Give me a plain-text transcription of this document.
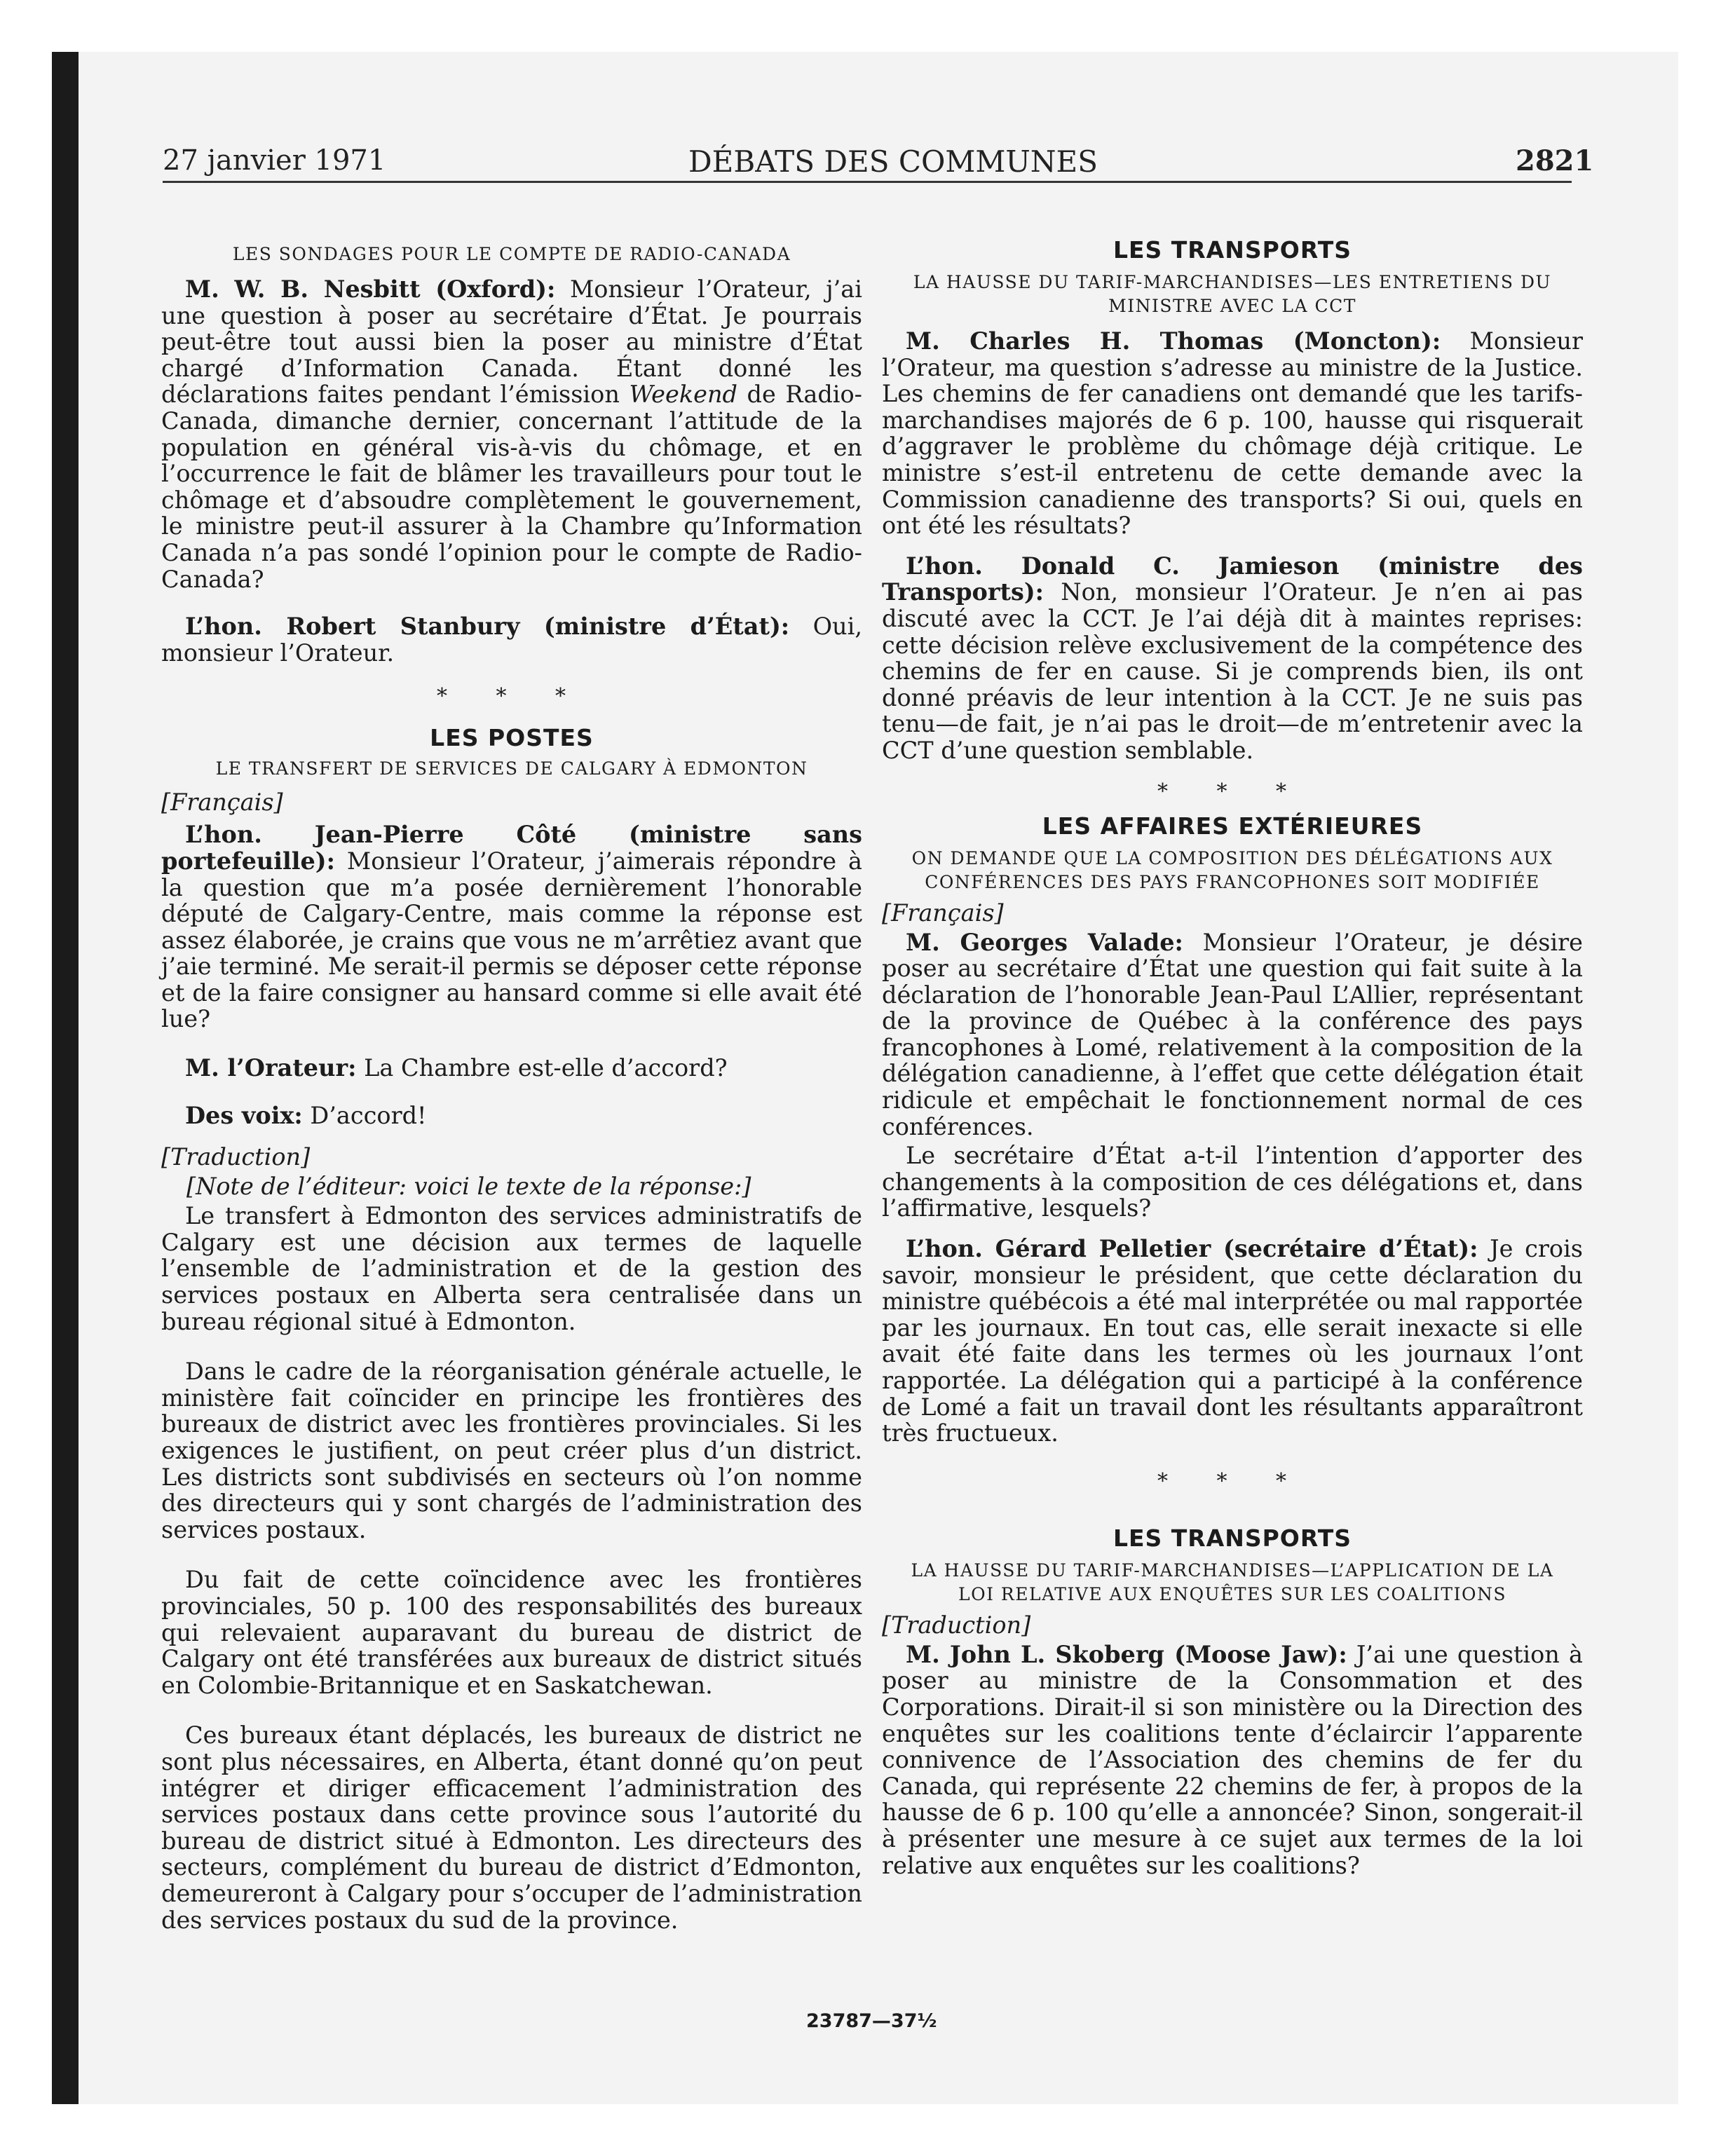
27 janvier 1971	DÉBATS DES COMMUNES	2821

LES SONDAGES POUR LE COMPTE DE RADIO-CANADA

M. W. B. Nesbitt (Oxford): Monsieur l’Orateur, j’ai une question à poser au secrétaire d’État. Je pourrais peut-être tout aussi bien la poser au ministre d’État chargé d’Information Canada. Étant donné les déclarations faites pendant l’émission Weekend de Radio-Canada, dimanche dernier, concernant l’attitude de la population en général vis-à-vis du chômage, et en l’occurrence le fait de blâmer les travailleurs pour tout le chômage et d’absoudre complètement le gouvernement, le ministre peut-il assurer à la Chambre qu’Information Canada n’a pas sondé l’opinion pour le compte de Radio-Canada?

L’hon. Robert Stanbury (ministre d’État): Oui, monsieur l’Orateur.

* * *

LES POSTES

LE TRANSFERT DE SERVICES DE CALGARY À EDMONTON

[Français]

L’hon. Jean-Pierre Côté (ministre sans portefeuille): Monsieur l’Orateur, j’aimerais répondre à la question que m’a posée dernièrement l’honorable député de Calgary-Centre, mais comme la réponse est assez élaborée, je crains que vous ne m’arrêtiez avant que j’aie terminé. Me serait-il permis se déposer cette réponse et de la faire consigner au hansard comme si elle avait été lue?

M. l’Orateur: La Chambre est-elle d’accord?

Des voix: D’accord!

[Traduction]

[Note de l’éditeur: voici le texte de la réponse:]

Le transfert à Edmonton des services administratifs de Calgary est une décision aux termes de laquelle l’ensemble de l’administration et de la gestion des services postaux en Alberta sera centralisée dans un bureau régional situé à Edmonton.

Dans le cadre de la réorganisation générale actuelle, le ministère fait coïncider en principe les frontières des bureaux de district avec les frontières provinciales. Si les exigences le justifient, on peut créer plus d’un district. Les districts sont subdivisés en secteurs où l’on nomme des directeurs qui y sont chargés de l’administration des services postaux.

Du fait de cette coïncidence avec les frontières provinciales, 50 p. 100 des responsabilités des bureaux qui relevaient auparavant du bureau de district de Calgary ont été transférées aux bureaux de district situés en Colombie-Britannique et en Saskatchewan.

Ces bureaux étant déplacés, les bureaux de district ne sont plus nécessaires, en Alberta, étant donné qu’on peut intégrer et diriger efficacement l’administration des services postaux dans cette province sous l’autorité du bureau de district situé à Edmonton. Les directeurs des secteurs, complément du bureau de district d’Edmonton, demeureront à Calgary pour s’occuper de l’administration des services postaux du sud de la province.

LES TRANSPORTS

LA HAUSSE DU TARIF-MARCHANDISES—LES ENTRETIENS DU MINISTRE AVEC LA CCT

M. Charles H. Thomas (Moncton): Monsieur l’Orateur, ma question s’adresse au ministre de la Justice. Les chemins de fer canadiens ont demandé que les tarifs-marchandises majorés de 6 p. 100, hausse qui risquerait d’aggraver le problème du chômage déjà critique. Le ministre s’est-il entretenu de cette demande avec la Commission canadienne des transports? Si oui, quels en ont été les résultats?

L’hon. Donald C. Jamieson (ministre des Transports): Non, monsieur l’Orateur. Je n’en ai pas discuté avec la CCT. Je l’ai déjà dit à maintes reprises: cette décision relève exclusivement de la compétence des chemins de fer en cause. Si je comprends bien, ils ont donné préavis de leur intention à la CCT. Je ne suis pas tenu—de fait, je n’ai pas le droit—de m’entretenir avec la CCT d’une question semblable.

* * *

LES AFFAIRES EXTÉRIEURES

ON DEMANDE QUE LA COMPOSITION DES DÉLÉGATIONS AUX CONFÉRENCES DES PAYS FRANCOPHONES SOIT MODIFIÉE

[Français]

M. Georges Valade: Monsieur l’Orateur, je désire poser au secrétaire d’État une question qui fait suite à la déclaration de l’honorable Jean-Paul L’Allier, représentant de la province de Québec à la conférence des pays francophones à Lomé, relativement à la composition de la délégation canadienne, à l’effet que cette délégation était ridicule et empêchait le fonctionnement normal de ces conférences.

Le secrétaire d’État a-t-il l’intention d’apporter des changements à la composition de ces délégations et, dans l’affirmative, lesquels?

L’hon. Gérard Pelletier (secrétaire d’État): Je crois savoir, monsieur le président, que cette déclaration du ministre québécois a été mal interprétée ou mal rapportée par les journaux. En tout cas, elle serait inexacte si elle avait été faite dans les termes où les journaux l’ont rapportée. La délégation qui a participé à la conférence de Lomé a fait un travail dont les résultants apparaîtront très fructueux.

* * *

LES TRANSPORTS

LA HAUSSE DU TARIF-MARCHANDISES—L’APPLICATION DE LA LOI RELATIVE AUX ENQUÊTES SUR LES COALITIONS

[Traduction]

M. John L. Skoberg (Moose Jaw): J’ai une question à poser au ministre de la Consommation et des Corporations. Dirait-il si son ministère ou la Direction des enquêtes sur les coalitions tente d’éclaircir l’apparente connivence de l’Association des chemins de fer du Canada, qui représente 22 chemins de fer, à propos de la hausse de 6 p. 100 qu’elle a annoncée? Sinon, songerait-il à présenter une mesure à ce sujet aux termes de la loi relative aux enquêtes sur les coalitions?

23787—37½
